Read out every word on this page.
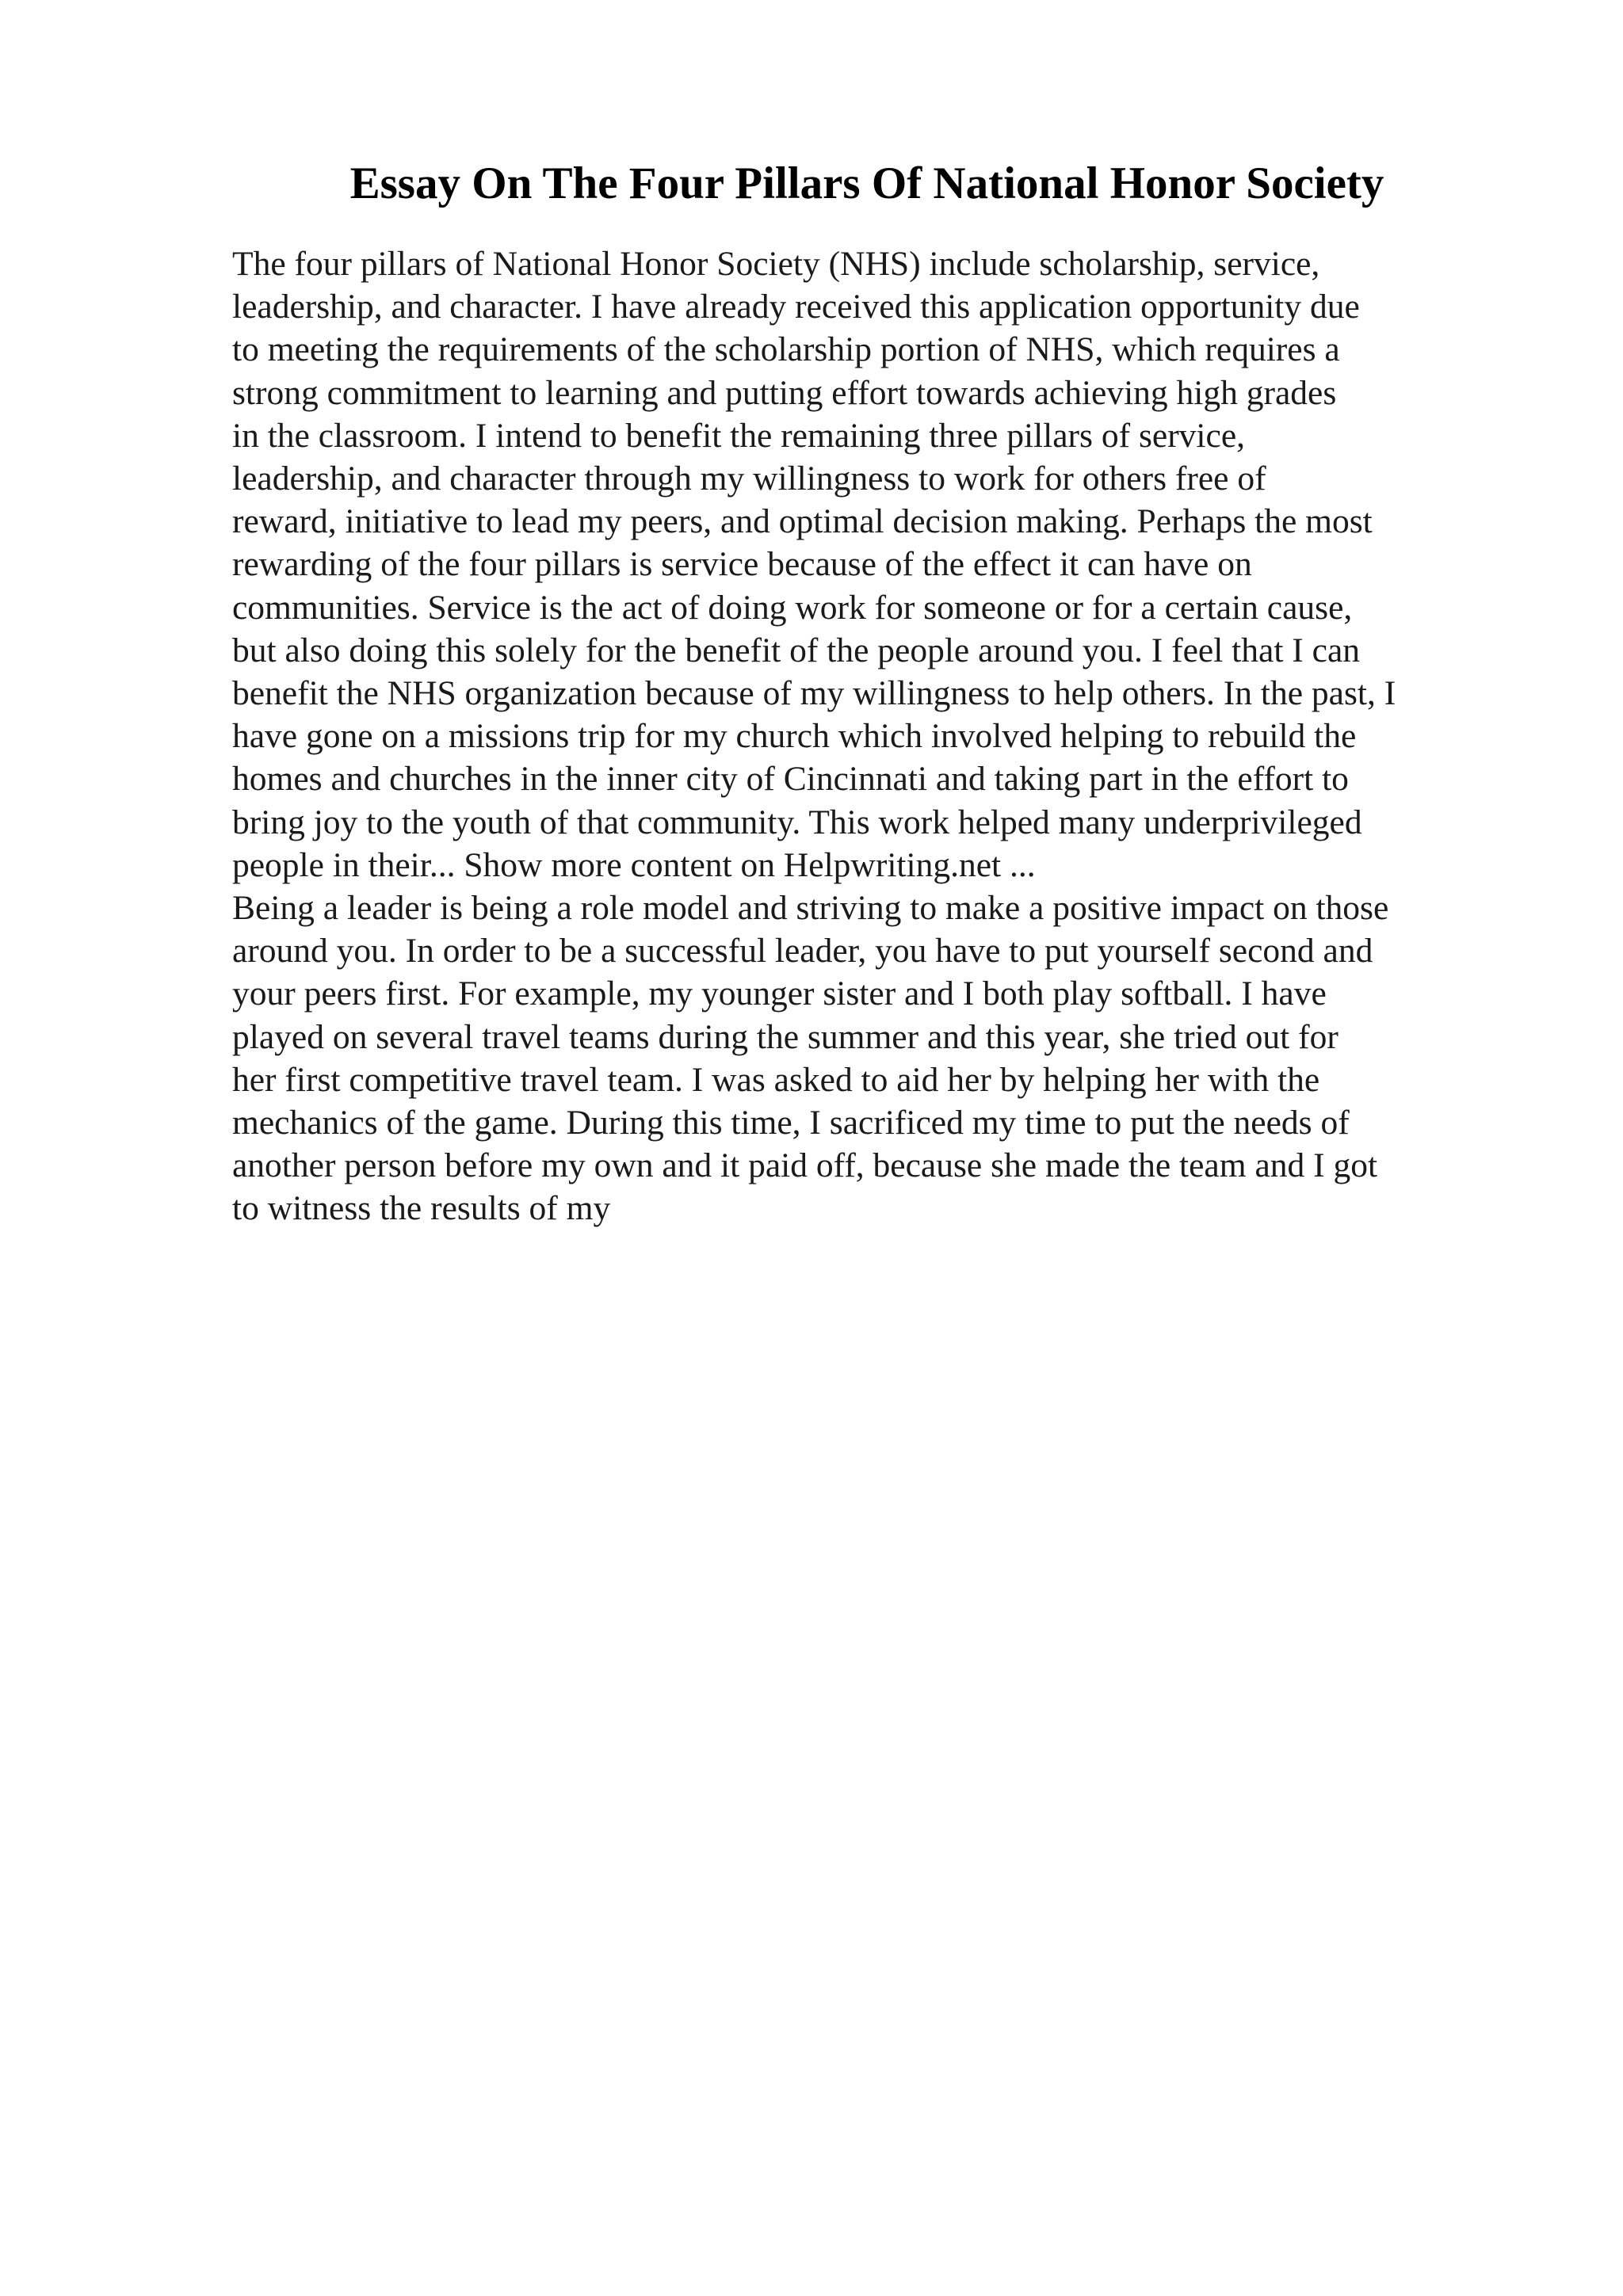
Essay On The Four Pillars Of National Honor Society
The four pillars of National Honor Society (NHS) include scholarship, service,
leadership, and character. I have already received this application opportunity due
to meeting the requirements of the scholarship portion of NHS, which requires a
strong commitment to learning and putting effort towards achieving high grades
in the classroom. I intend to benefit the remaining three pillars of service,
leadership, and character through my willingness to work for others free of
reward, initiative to lead my peers, and optimal decision making. Perhaps the most
rewarding of the four pillars is service because of the effect it can have on
communities. Service is the act of doing work for someone or for a certain cause,
but also doing this solely for the benefit of the people around you. I feel that I can
benefit the NHS organization because of my willingness to help others. In the past, I
have gone on a missions trip for my church which involved helping to rebuild the
homes and churches in the inner city of Cincinnati and taking part in the effort to
bring joy to the youth of that community. This work helped many underprivileged
people in their... Show more content on Helpwriting.net ...
Being a leader is being a role model and striving to make a positive impact on those
around you. In order to be a successful leader, you have to put yourself second and
your peers first. For example, my younger sister and I both play softball. I have
played on several travel teams during the summer and this year, she tried out for
her first competitive travel team. I was asked to aid her by helping her with the
mechanics of the game. During this time, I sacrificed my time to put the needs of
another person before my own and it paid off, because she made the team and I got
to witness the results of my
